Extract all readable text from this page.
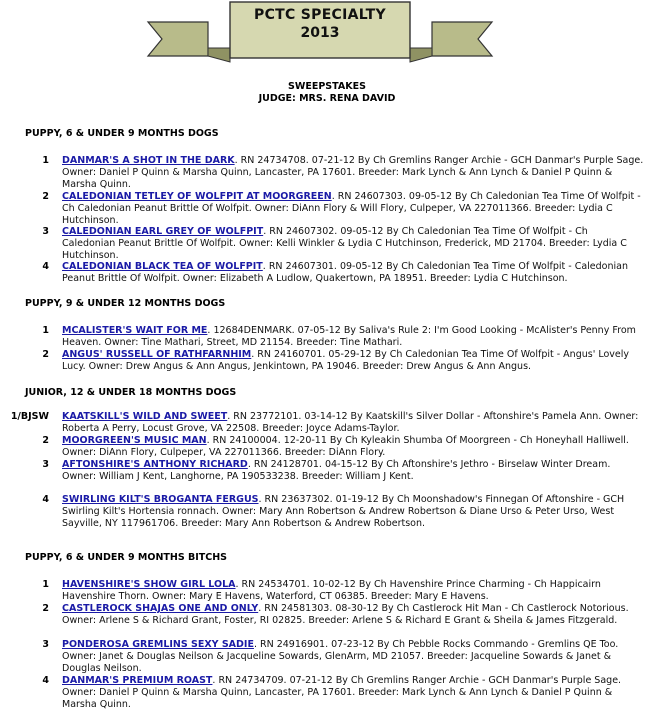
PCTC SPECIALTY
2013
SWEEPSTAKES
JUDGE: MRS. RENA DAVID
PUPPY, 6 & UNDER 9 MONTHS DOGS
1 DANMAR'S A SHOT IN THE DARK. RN 24734708. 07-21-12 By Ch Gremlins Ranger Archie - GCH Danmar's Purple Sage. Owner: Daniel P Quinn & Marsha Quinn, Lancaster, PA 17601. Breeder: Mark Lynch & Ann Lynch & Daniel P Quinn & Marsha Quinn.
2 CALEDONIAN TETLEY OF WOLFPIT AT MOORGREEN. RN 24607303. 09-05-12 By Ch Caledonian Tea Time Of Wolfpit - Ch Caledonian Peanut Brittle Of Wolfpit. Owner: DiAnn Flory & Will Flory, Culpeper, VA 227011366. Breeder: Lydia C Hutchinson.
3 CALEDONIAN EARL GREY OF WOLFPIT. RN 24607302. 09-05-12 By Ch Caledonian Tea Time Of Wolfpit - Ch Caledonian Peanut Brittle Of Wolfpit. Owner: Kelli Winkler & Lydia C Hutchinson, Frederick, MD 21704. Breeder: Lydia C Hutchinson.
4 CALEDONIAN BLACK TEA OF WOLFPIT. RN 24607301. 09-05-12 By Ch Caledonian Tea Time Of Wolfpit - Caledonian Peanut Brittle Of Wolfpit. Owner: Elizabeth A Ludlow, Quakertown, PA 18951. Breeder: Lydia C Hutchinson.
PUPPY, 9 & UNDER 12 MONTHS DOGS
1 MCALISTER'S WAIT FOR ME. 12684DENMARK. 07-05-12 By Saliva's Rule 2: I'm Good Looking - McAlister's Penny From Heaven. Owner: Tine Mathari, Street, MD 21154. Breeder: Tine Mathari.
2 ANGUS' RUSSELL OF RATHFARNHIM. RN 24160701. 05-29-12 By Ch Caledonian Tea Time Of Wolfpit - Angus' Lovely Lucy. Owner: Drew Angus & Ann Angus, Jenkintown, PA 19046. Breeder: Drew Angus & Ann Angus.
JUNIOR, 12 & UNDER 18 MONTHS DOGS
1/BJSW KAATSKILL'S WILD AND SWEET. RN 23772101. 03-14-12 By Kaatskill's Silver Dollar - Aftonshire's Pamela Ann. Owner: Roberta A Perry, Locust Grove, VA 22508. Breeder: Joyce Adams-Taylor.
2 MOORGREEN'S MUSIC MAN. RN 24100004. 12-20-11 By Ch Kyleakin Shumba Of Moorgreen - Ch Honeyhall Halliwell. Owner: DiAnn Flory, Culpeper, VA 227011366. Breeder: DiAnn Flory.
3 AFTONSHIRE'S ANTHONY RICHARD. RN 24128701. 04-15-12 By Ch Aftonshire's Jethro - Birselaw Winter Dream. Owner: William J Kent, Langhorne, PA 190533238. Breeder: William J Kent.
4 SWIRLING KILT'S BROGANTA FERGUS. RN 23637302. 01-19-12 By Ch Moonshadow's Finnegan Of Aftonshire - GCH Swirling Kilt's Hortensia ronnach. Owner: Mary Ann Robertson & Andrew Robertson & Diane Urso & Peter Urso, West Sayville, NY 117961706. Breeder: Mary Ann Robertson & Andrew Robertson.
PUPPY, 6 & UNDER 9 MONTHS BITCHS
1 HAVENSHIRE'S SHOW GIRL LOLA. RN 24534701. 10-02-12 By Ch Havenshire Prince Charming - Ch Happicairn Havenshire Thorn. Owner: Mary E Havens, Waterford, CT 06385. Breeder: Mary E Havens.
2 CASTLEROCK SHAJAS ONE AND ONLY. RN 24581303. 08-30-12 By Ch Castlerock Hit Man - Ch Castlerock Notorious. Owner: Arlene S & Richard Grant, Foster, RI 02825. Breeder: Arlene S & Richard E Grant & Sheila & James Fitzgerald.
3 PONDEROSA GREMLINS SEXY SADIE. RN 24916901. 07-23-12 By Ch Pebble Rocks Commando - Gremlins QE Too. Owner: Janet & Douglas Neilson & Jacqueline Sowards, GlenArm, MD 21057. Breeder: Jacqueline Sowards & Janet & Douglas Neilson.
4 DANMAR'S PREMIUM ROAST. RN 24734709. 07-21-12 By Ch Gremlins Ranger Archie - GCH Danmar's Purple Sage. Owner: Daniel P Quinn & Marsha Quinn, Lancaster, PA 17601. Breeder: Mark Lynch & Ann Lynch & Daniel P Quinn & Marsha Quinn.
